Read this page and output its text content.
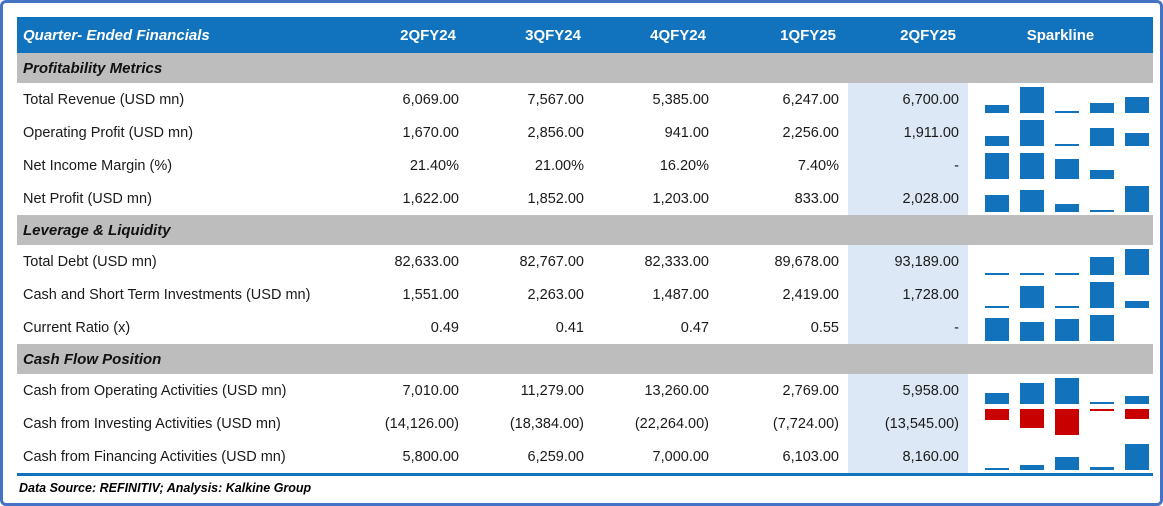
Quarter- Ended Financials	2QFY24	3QFY24	4QFY24	1QFY25	2QFY25	Sparkline
Profitability Metrics
Total Revenue (USD mn)	6,069.00	7,567.00	5,385.00	6,247.00	6,700.00
Operating Profit (USD mn)	1,670.00	2,856.00	941.00	2,256.00	1,911.00
Net Income Margin (%)	21.40%	21.00%	16.20%	7.40%	-
Net Profit (USD mn)	1,622.00	1,852.00	1,203.00	833.00	2,028.00
Leverage & Liquidity
Total Debt (USD mn)	82,633.00	82,767.00	82,333.00	89,678.00	93,189.00
Cash and Short Term Investments (USD mn)	1,551.00	2,263.00	1,487.00	2,419.00	1,728.00
Current Ratio (x)	0.49	0.41	0.47	0.55	-
Cash Flow Position
Cash from Operating Activities (USD mn)	7,010.00	11,279.00	13,260.00	2,769.00	5,958.00
Cash from Investing Activities (USD mn)	(14,126.00)	(18,384.00)	(22,264.00)	(7,724.00)	(13,545.00)
Cash from Financing Activities (USD mn)	5,800.00	6,259.00	7,000.00	6,103.00	8,160.00
Data Source: REFINITIV; Analysis: Kalkine Group
